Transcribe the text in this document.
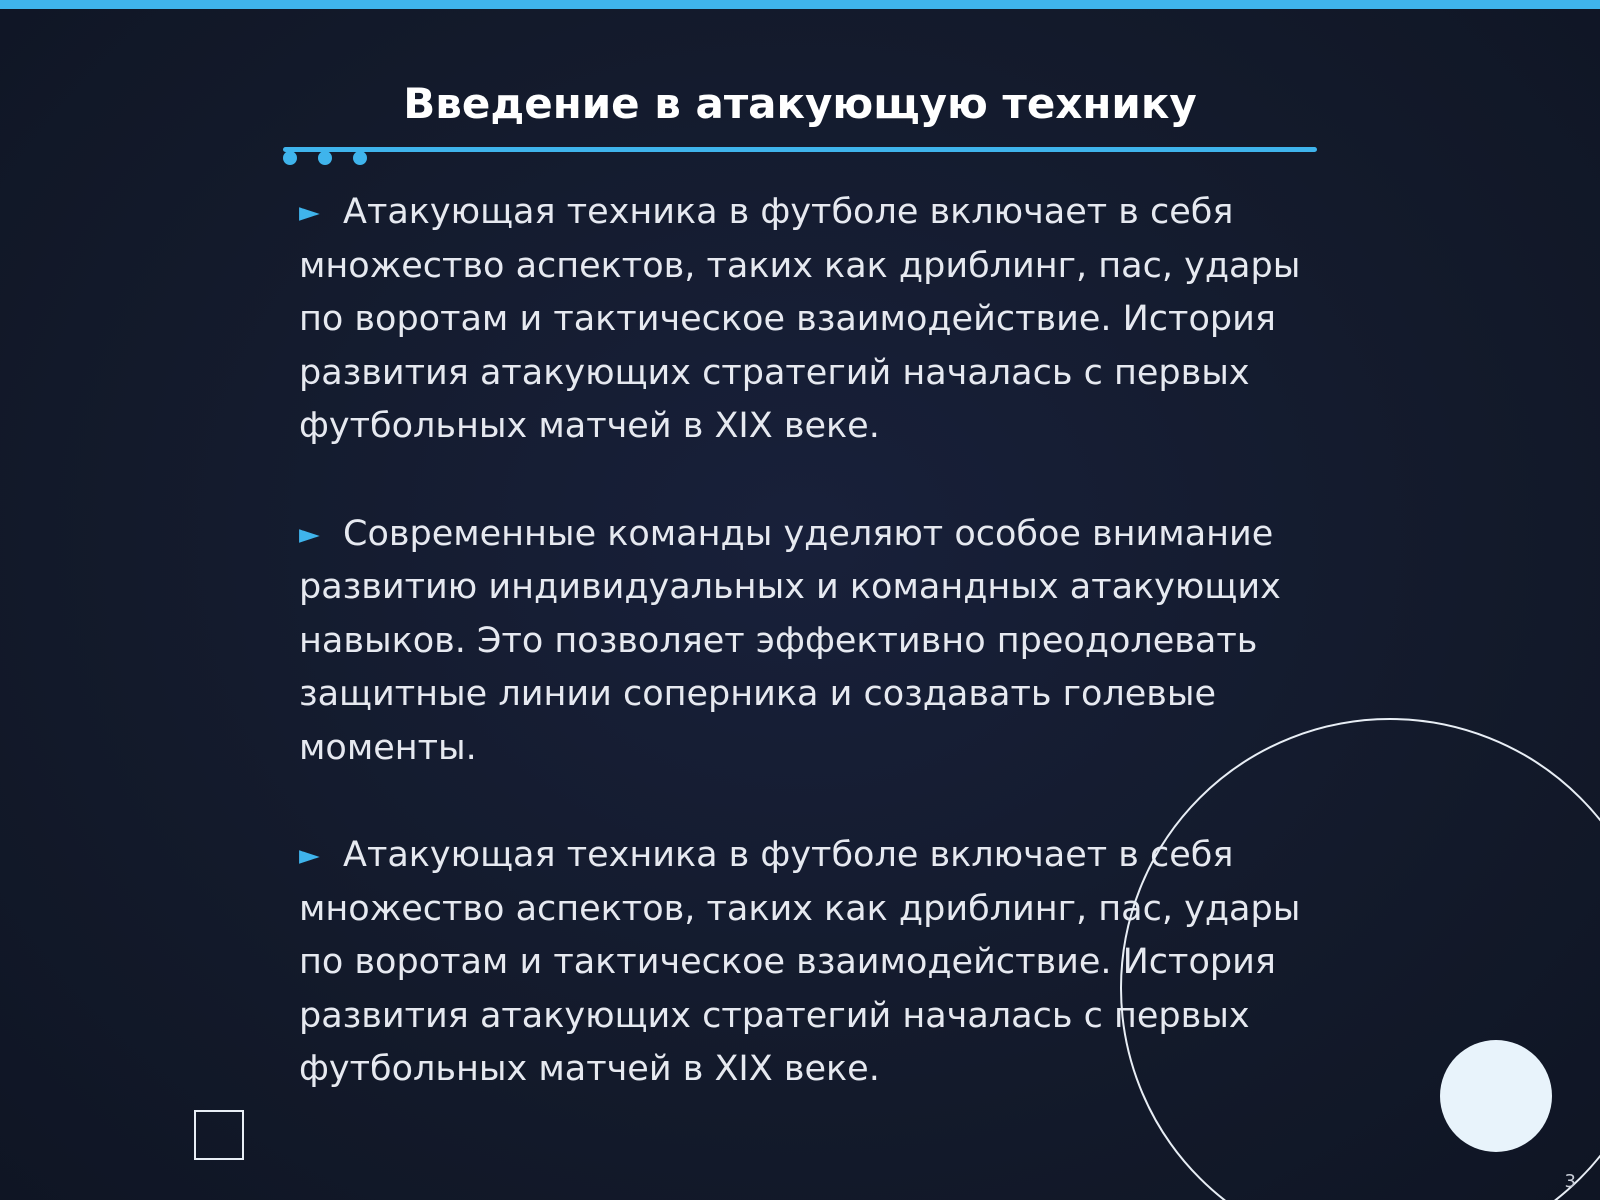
Введение в атакующую технику

► Атакующая техника в футболе включает в себя множество аспектов, таких как дриблинг, пас, удары по воротам и тактическое взаимодействие. История развития атакующих стратегий началась с первых футбольных матчей в XIX веке.

► Современные команды уделяют особое внимание развитию индивидуальных и командных атакующих навыков. Это позволяет эффективно преодолевать защитные линии соперника и создавать голевые моменты.

► Атакующая техника в футболе включает в себя множество аспектов, таких как дриблинг, пас, удары по воротам и тактическое взаимодействие. История развития атакующих стратегий началась с первых футбольных матчей в XIX веке.

3
